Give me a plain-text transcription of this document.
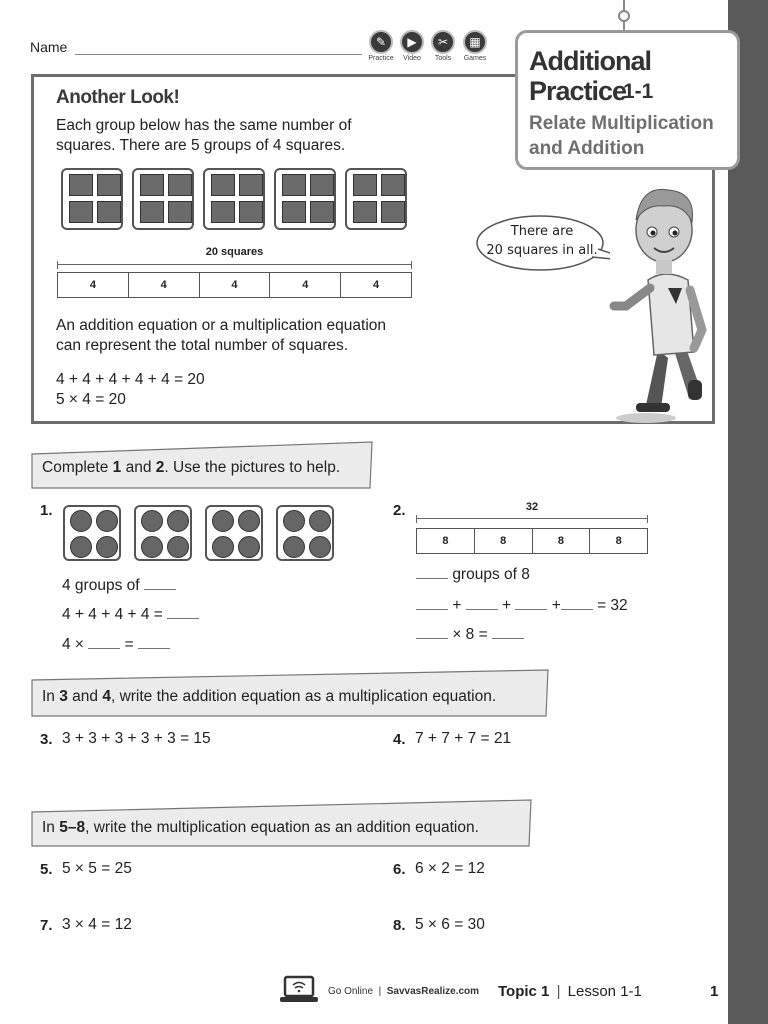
Name	✎
Practice
▶
Video
✂
Tools
▦
Games Additional
Practice
1-1
Relate Multiplication
and Addition
Another Look!
Each group below has the same number of
squares. There are 5 groups of 4 squares.
20 squares
4	4	4	4	4
An addition equation or a multiplication equation
can represent the total number of squares.
4 + 4 + 4 + 4 + 4 = 20
5 × 4 = 20
There are
20 squares in all.
Complete 1 and 2. Use the pictures to help.
1.
4 groups of
4 + 4 + 4 + 4 =
4 ×	=
2.	32
8	8	8	8
groups of 8
+	+	+ = 32
× 8 =
In 3 and 4, write the addition equation as a multiplication equation.
3. 3 + 3 + 3 + 3 + 3 = 15	4. 7 + 7 + 7 = 21
In 5–8, write the multiplication equation as an addition equation.
5. 5 × 5 = 25	6. 6 × 2 = 12
7. 3 × 4 = 12	8. 5 × 6 = 30
Go Online | SavvasRealize.com Topic 1 | Lesson 1-1	1
